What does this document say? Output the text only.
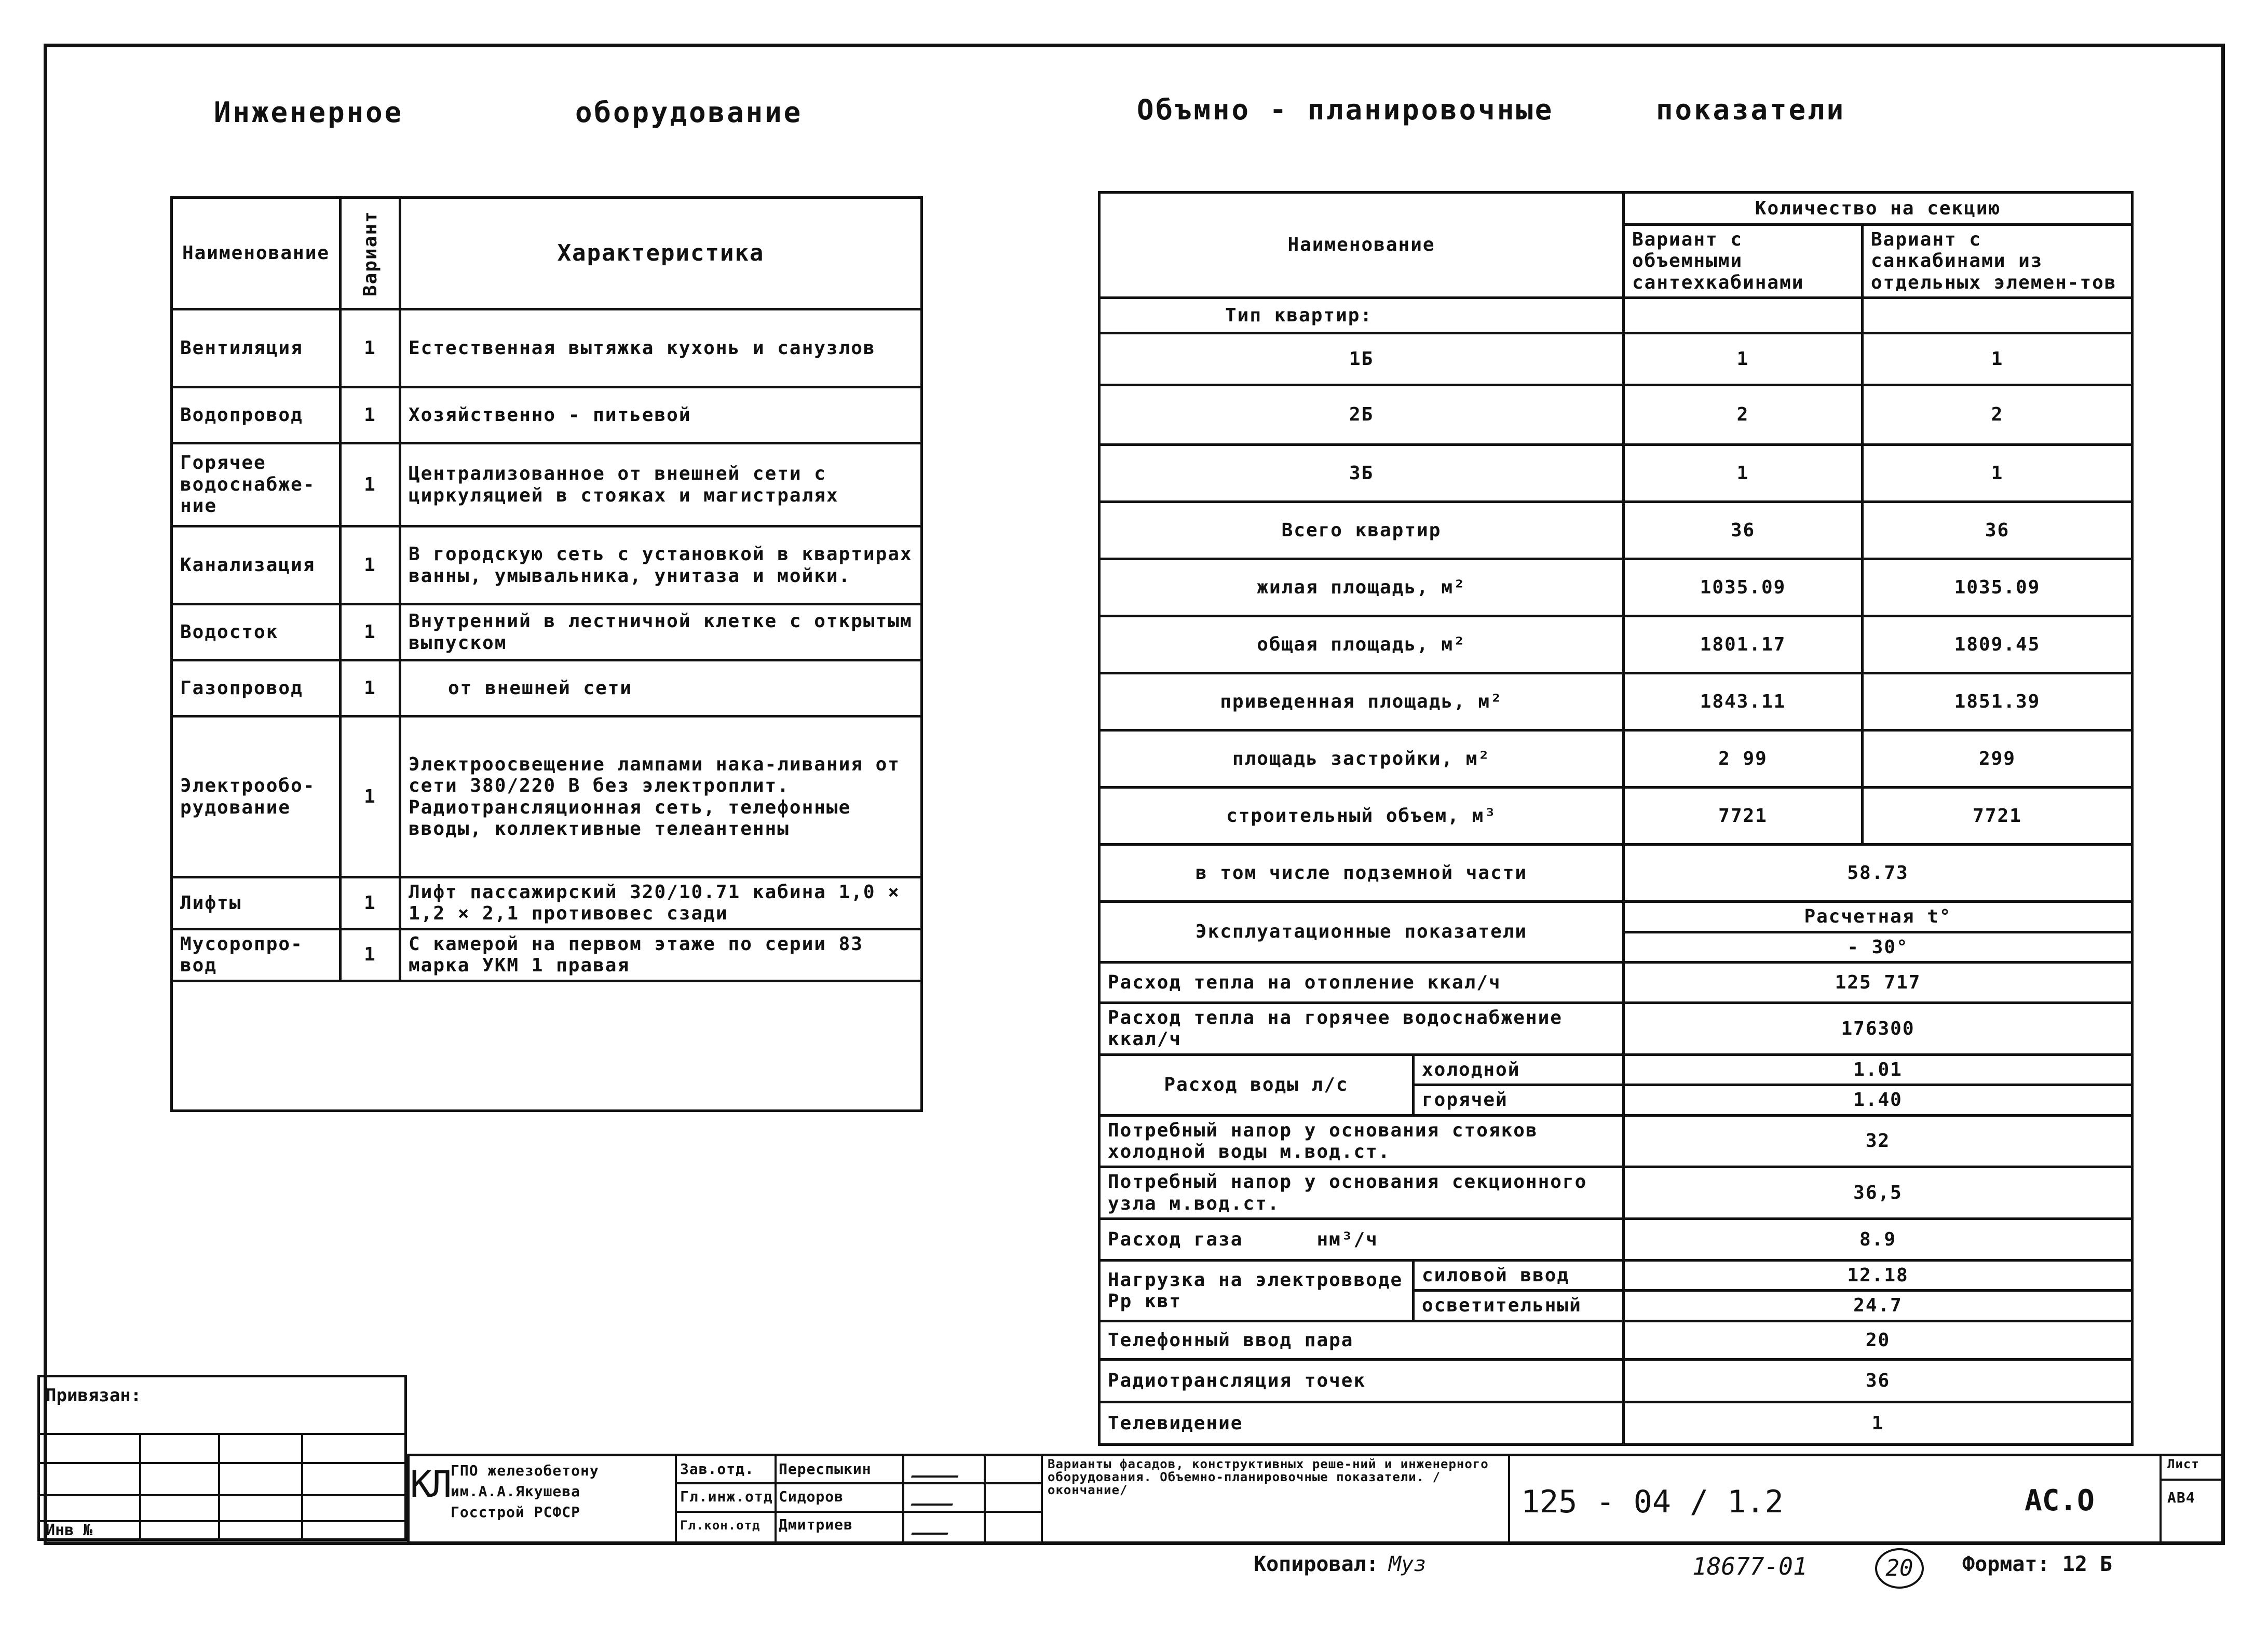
Инженерное	оборудование
Наименование	Вариант	Характеристика
Вентиляция	1	Естественная вытяжка кухонь и санузлов
Водопровод	1	Хозяйственно - питьевой
Горячее водоснабже-ние	1	Централизованное от внешней сети с циркуляцией в стояках и магистралях
Канализация	1	В городскую сеть с установкой в квартирах ванны, умывальника, унитаза и мойки.
Водосток	1	Внутренний в лестничной клетке с открытым выпуском
Газопровод	1	от внешней сети
Электрообо-рудование	1	Электроосвещение лампами нака-ливания от сети 380/220 В без электроплит. Радиотрансляционная сеть, телефонные вводы, коллективные телеантенны
Лифты	1	Лифт пассажирский 320/10.71 кабина 1,0 × 1,2 × 2,1 противовес сзади
Мусоропро-вод	1	С камерой на первом этаже по серии 83 марка УКМ 1 правая

Объмно - планировочные	показатели
Наименование		Количество на секцию	
		Вариант с объемными сантехкабинами	Вариант с санкабинами из отдельных элемен-тов
Тип квартир:			
1Б		1	1
2Б		2	2
3Б		1	1
Всего квартир		36	36
жилая площадь, м²		1035.09	1035.09
общая площадь, м²		1801.17	1809.45
приведенная площадь, м²		1843.11	1851.39
площадь застройки, м²		2 99	299
строительный объем, м³		7721	7721
в том числе подземной части		58.73	
Эксплуатационные показатели		Расчетная t°	
		- 30°	
Расход тепла на отопление ккал/ч		125 717	
Расход тепла на горячее водоснабжение ккал/ч		176300	
Расход воды л/с	холодной	1.01	
	горячей	1.40	
Потребный напор у основания стояков холодной воды м.вод.ст.		32	
Потребный напор у основания секционного узла м.вод.ст.		36,5	
Расход газа нм³/ч		8.9	
Нагрузка на электровводе Рр квт	силовой ввод	12.18	
	осветительный	24.7	
Телефонный ввод пара		20	
Радиотрансляция точек		36	
Телевидение		1	
Привязан:
Инв №
KЛ ГПО железобетону
им.А.А.Якушева
Госстрой РСФСР
Зав.отд.
Гл.инж.отд
Гл.кон.отд
Переспыкин
Сидоров
Дмитриев
Варианты фасадов, конструктивных реше-ний и инженерного оборудования. Объемно-планировочные показатели. /окончание/	125 - 04 / 1.2	АС.О
Лист
АВ4
Копировал: Муз	18677-01	20	Формат: 12 Б
